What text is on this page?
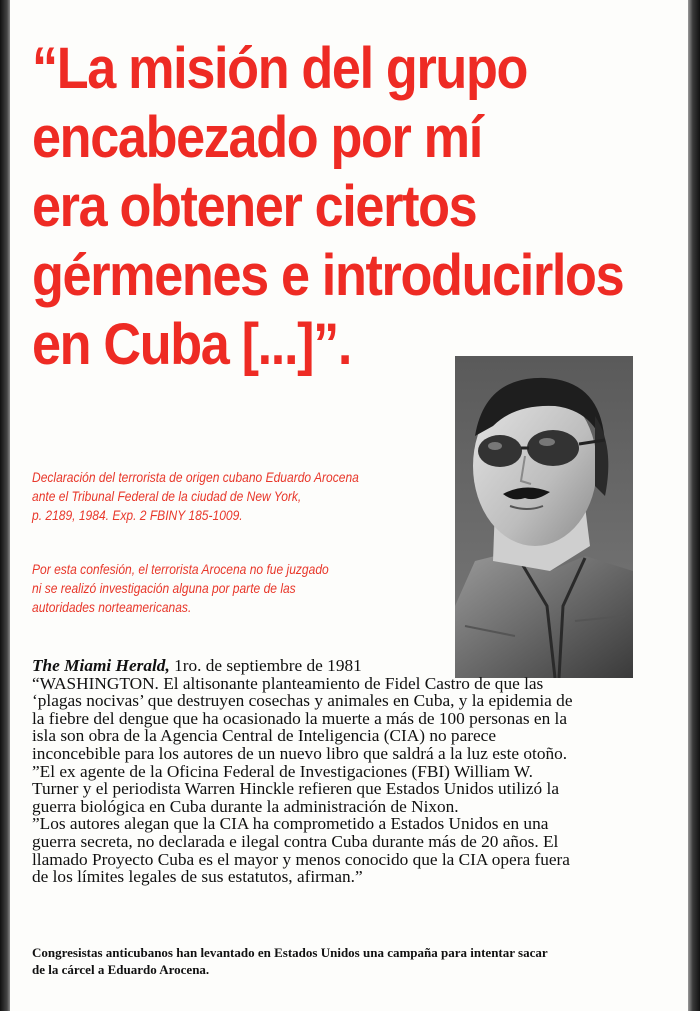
“La misión del grupo
encabezado por mí
era obtener ciertos
gérmenes e introducirlos
en Cuba [...]”.

Declaración del terrorista de origen cubano Eduardo Arocena
ante el Tribunal Federal de la ciudad de New York,
p. 2189, 1984. Exp. 2 FBINY 185-1009.

Por esta confesión, el terrorista Arocena no fue juzgado
ni se realizó investigación alguna por parte de las
autoridades norteamericanas.

The Miami Herald, 1ro. de septiembre de 1981
“WASHINGTON. El altisonante planteamiento de Fidel Castro de que las
‘plagas nocivas’ que destruyen cosechas y animales en Cuba, y la epidemia de
la fiebre del dengue que ha ocasionado la muerte a más de 100 personas en la
isla son obra de la Agencia Central de Inteligencia (CIA) no parece
inconcebible para los autores de un nuevo libro que saldrá a la luz este otoño.
”El ex agente de la Oficina Federal de Investigaciones (FBI) William W.
Turner y el periodista Warren Hinckle refieren que Estados Unidos utilizó la
guerra biológica en Cuba durante la administración de Nixon.
”Los autores alegan que la CIA ha comprometido a Estados Unidos en una
guerra secreta, no declarada e ilegal contra Cuba durante más de 20 años. El
llamado Proyecto Cuba es el mayor y menos conocido que la CIA opera fuera
de los límites legales de sus estatutos, afirman.”
Congresistas anticubanos han levantado en Estados Unidos una campaña para intentar sacar
de la cárcel a Eduardo Arocena.
